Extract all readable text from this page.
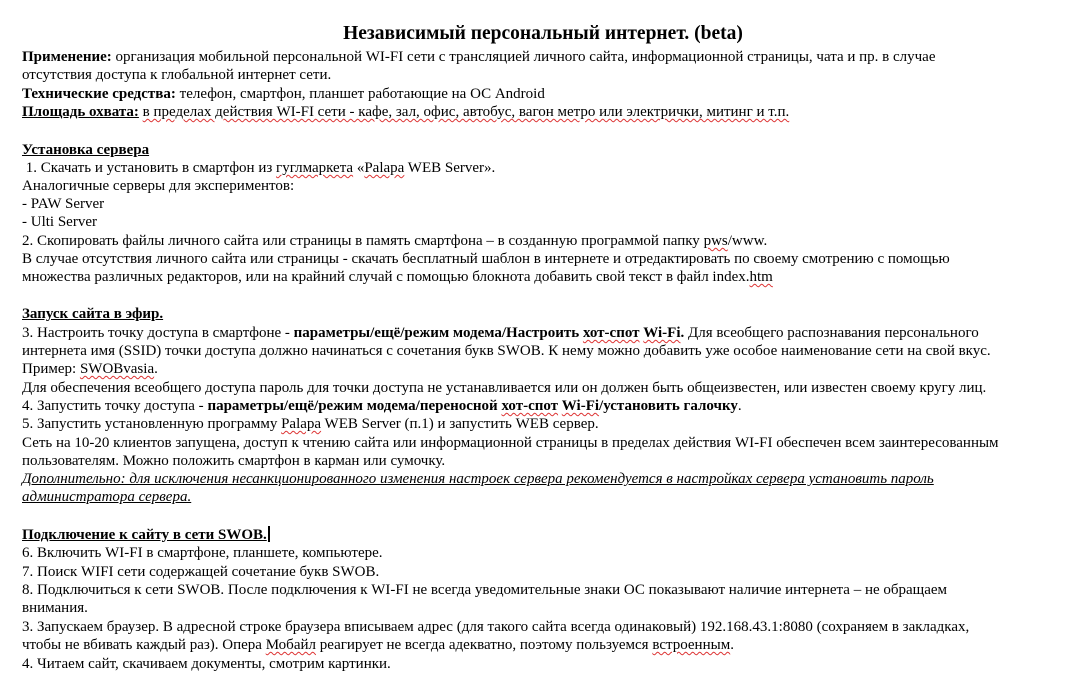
Независимый персональный интернет. (beta)
Применение: организация мобильной персональной WI-FI сети с трансляцией личного сайта, информационной страницы, чата и пр. в случае
отсутствия доступа к глобальной интернет сети.
Технические средства: телефон, смартфон, планшет работающие на ОС Android
Площадь охвата: в пределах действия WI-FI сети - кафе, зал, офис, автобус, вагон метро или электрички, митинг и т.п.
Установка сервера
1. Скачать и установить в смартфон из гуглмаркета «Palapa WEB Server».
Аналогичные серверы для экспериментов:
- PAW Server
- Ulti Server
2. Скопировать файлы личного сайта или страницы в память смартфона – в созданную программой папку pws/www.
В случае отсутствия личного сайта или страницы - скачать бесплатный шаблон в интернете и отредактировать по своему смотрению с помощью
множества различных редакторов, или на крайний случай с помощью блокнота добавить свой текст в файл index.htm
Запуск сайта в эфир.
3. Настроить точку доступа в смартфоне - параметры/ещё/режим модема/Настроить хот-спот Wi-Fi. Для всеобщего распознавания персонального
интернета имя (SSID) точки доступа должно начинаться с сочетания букв SWOB. К нему можно добавить уже особое наименование сети на свой вкус.
Пример: SWOBvasia.
Для обеспечения всеобщего доступа пароль для точки доступа не устанавливается или он должен быть общеизвестен, или известен своему кругу лиц.
4. Запустить точку доступа - параметры/ещё/режим модема/переносной хот-спот Wi-Fi/установить галочку.
5. Запустить установленную программу Palapa WEB Server (п.1) и запустить WEB сервер.
Сеть на 10-20 клиентов запущена, доступ к чтению сайта или информационной страницы в пределах действия WI-FI обеспечен всем заинтересованным
пользователям. Можно положить смартфон в карман или сумочку.
Дополнительно: для исключения несанкционированного изменения настроек сервера рекомендуется в настройках сервера установить пароль
администратора сервера.
Подключение к сайту в сети SWOB.
6. Включить WI-FI в смартфоне, планшете, компьютере.
7. Поиск WIFI сети содержащей сочетание букв SWOB.
8. Подключиться к сети SWOB. После подключения к WI-FI не всегда уведомительные знаки ОС показывают наличие интернета – не обращаем
внимания.
3. Запускаем браузер. В адресной строке браузера вписываем адрес (для такого сайта всегда одинаковый) 192.168.43.1:8080 (сохраняем в закладках,
чтобы не вбивать каждый раз). Опера Мобайл реагирует не всегда адекватно, поэтому пользуемся встроенным.
4. Читаем сайт, скачиваем документы, смотрим картинки.
